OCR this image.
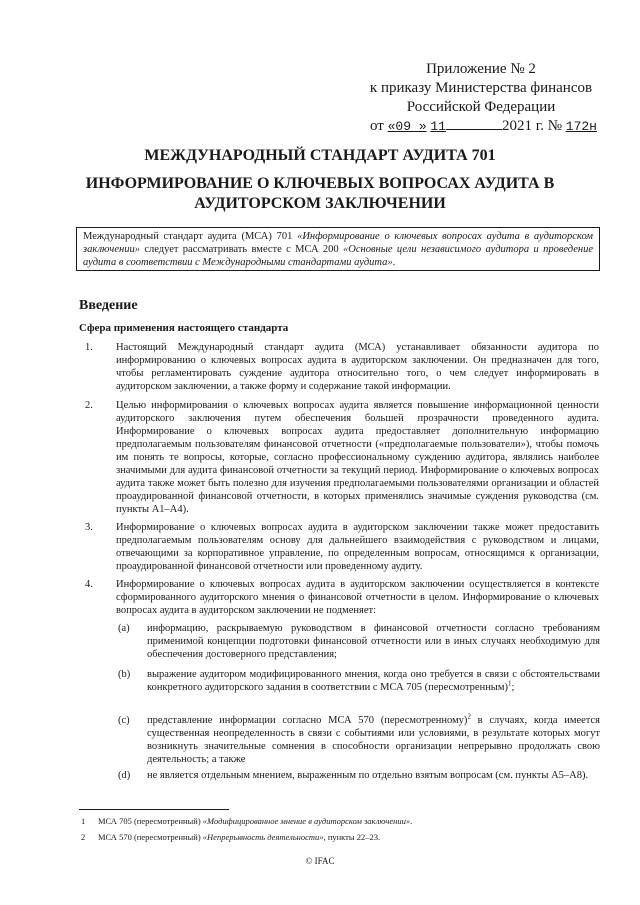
Приложение № 2
к приказу Министерства финансов
Российской Федерации
от «09 » 11	2021 г. № 172н
МЕЖДУНАРОДНЫЙ СТАНДАРТ АУДИТА 701
ИНФОРМИРОВАНИЕ О КЛЮЧЕВЫХ ВОПРОСАХ АУДИТА В
АУДИТОРСКОМ ЗАКЛЮЧЕНИИ
Международный стандарт аудита (МСА) 701 «Информирование о ключевых вопросах аудита в аудиторском заключении» следует рассматривать вместе с МСА 200 «Основные цели независимого аудитора и проведение аудита в соответствии с Международными стандартами аудита».
Введение
Сфера применения настоящего стандарта
1. Настоящий Международный стандарт аудита (МСА) устанавливает обязанности аудитора по информированию о ключевых вопросах аудита в аудиторском заключении. Он предназначен для того, чтобы регламентировать суждение аудитора относительно того, о чем следует информировать в аудиторском заключении, а также форму и содержание такой информации.
2. Целью информирования о ключевых вопросах аудита является повышение информационной ценности аудиторского заключения путем обеспечения большей прозрачности проведенного аудита. Информирование о ключевых вопросах аудита предоставляет дополнительную информацию предполагаемым пользователям финансовой отчетности («предполагаемые пользователи»), чтобы помочь им понять те вопросы, которые, согласно профессиональному суждению аудитора, являлись наиболее значимыми для аудита финансовой отчетности за текущий период. Информирование о ключевых вопросах аудита также может быть полезно для изучения предполагаемыми пользователями организации и областей проаудированной финансовой отчетности, в которых применялись значимые суждения руководства (см. пункты А1–А4).
3. Информирование о ключевых вопросах аудита в аудиторском заключении также может предоставить предполагаемым пользователям основу для дальнейшего взаимодействия с руководством и лицами, отвечающими за корпоративное управление, по определенным вопросам, относящимся к организации, проаудированной финансовой отчетности или проведенному аудиту.
4. Информирование о ключевых вопросах аудита в аудиторском заключении осуществляется в контексте сформированного аудиторского мнения о финансовой отчетности в целом. Информирование о ключевых вопросах аудита в аудиторском заключении не подменяет:
(a) информацию, раскрываемую руководством в финансовой отчетности согласно требованиям применимой концепции подготовки финансовой отчетности или в иных случаях необходимую для обеспечения достоверного представления;
(b) выражение аудитором модифицированного мнения, когда оно требуется в связи с обстоятельствами конкретного аудиторского задания в соответствии с МСА 705 (пересмотренным)$^1$;
(c) представление информации согласно МСА 570 (пересмотренному)$^2$ в случаях, когда имеется существенная неопределенность в связи с событиями или условиями, в результате которых могут возникнуть значительные сомнения в способности организации непрерывно продолжать свою деятельность; а также
(d) не является отдельным мнением, выраженным по отдельно взятым вопросам (см. пункты А5–А8).
1 МСА 705 (пересмотренный) «Модифицированное мнение в аудиторском заключении».
2 МСА 570 (пересмотренный) «Непрерывность деятельности», пункты 22–23.
© IFAC
